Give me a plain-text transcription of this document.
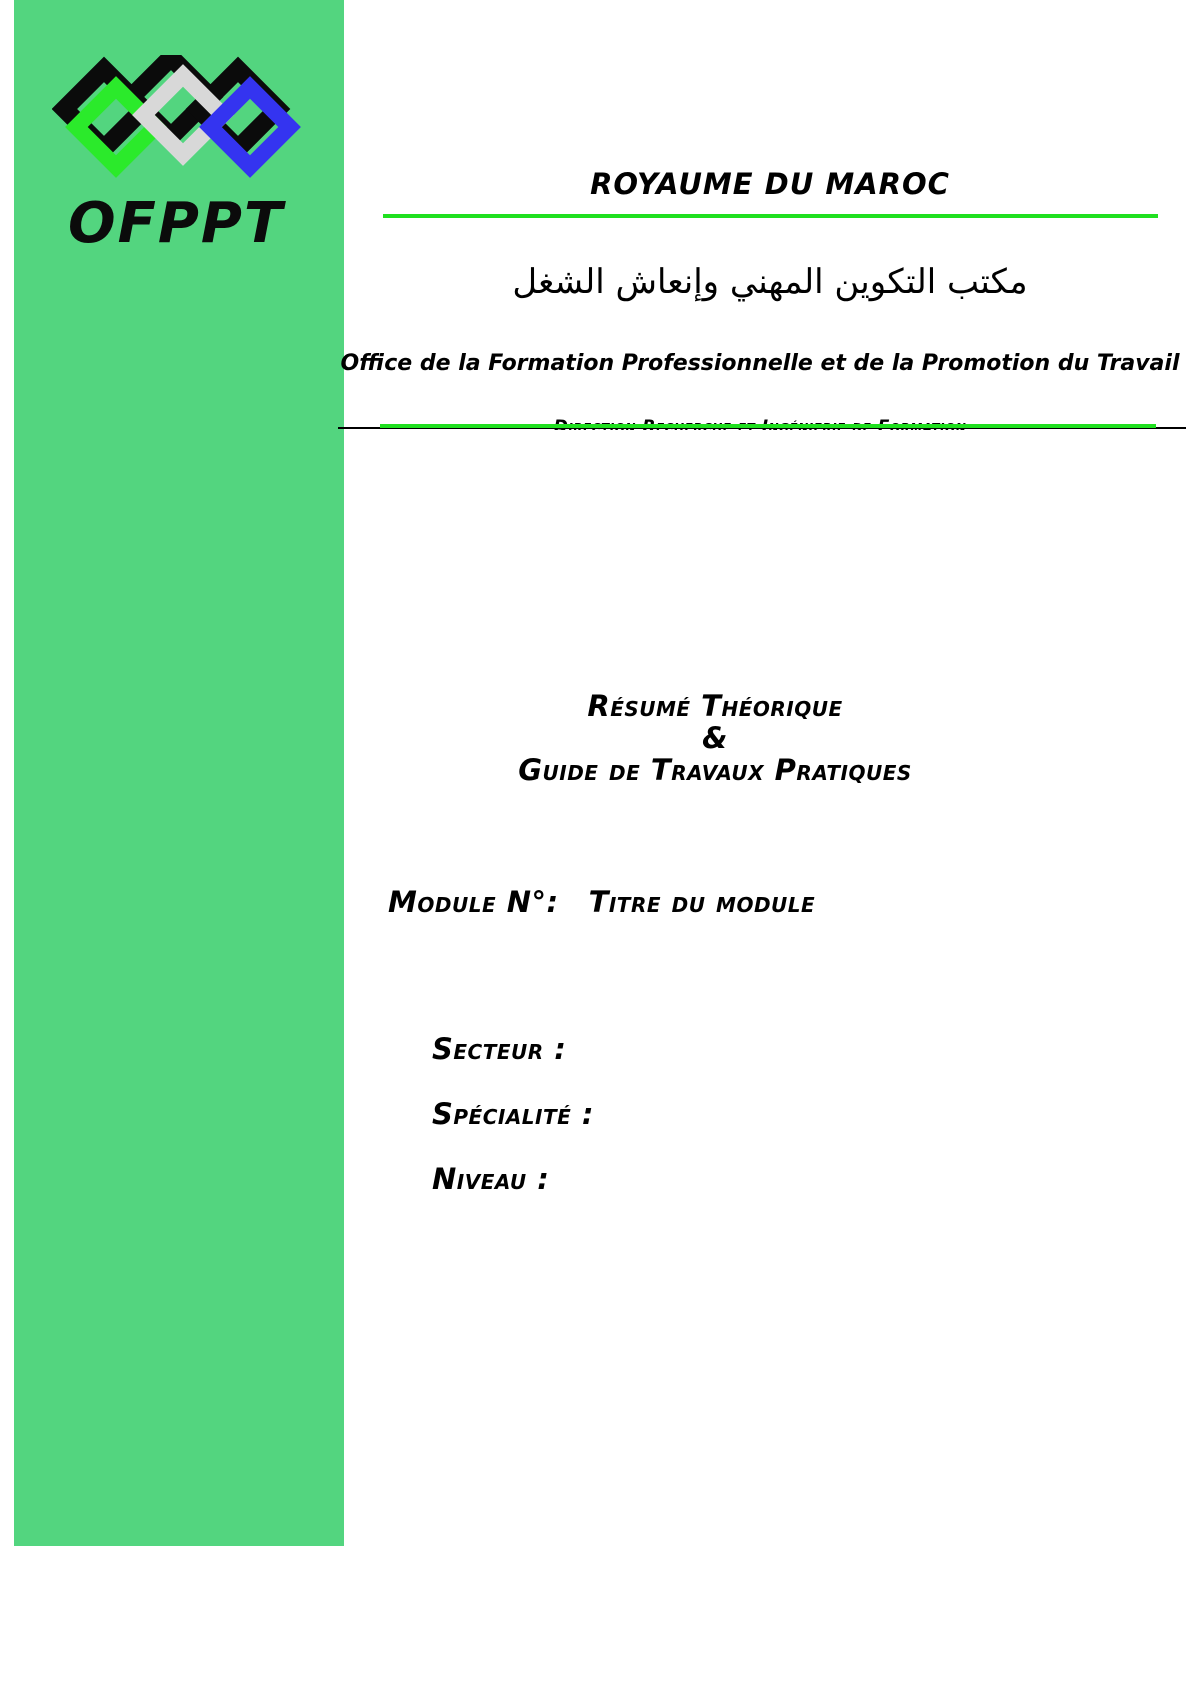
OFPPT
ROYAUME DU MAROC
مكتب التكوين المهني وإنعاش الشغل
Office de la Formation Professionnelle et de la Promotion du Travail
Résumé Théorique
&
Guide de Travaux Pratiques
Module N°: Titre du module
Secteur :
Spécialité :
Niveau :
